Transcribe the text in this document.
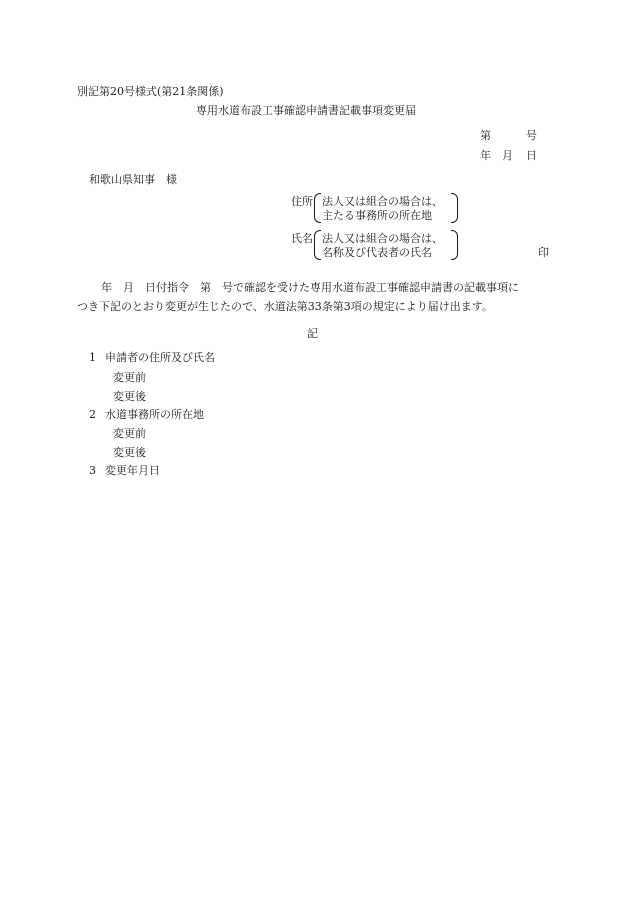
別記第20号様式(第21条関係)
専用水道布設工事確認申請書記載事項変更届
第	号
年 月 日
和歌山県知事　様
住所 法人又は組合の場合は、
主たる事務所の所在地
氏名 法人又は組合の場合は、
名称及び代表者の氏名	印
年　月　日付指令　第　号で確認を受けた専用水道布設工事確認申請書の記載事項に
つき下記のとおり変更が生じたので、水道法第33条第3項の規定により届け出ます。
記
1 申請者の住所及び氏名
変更前
変更後
2 水道事務所の所在地
変更前
変更後
3 変更年月日
